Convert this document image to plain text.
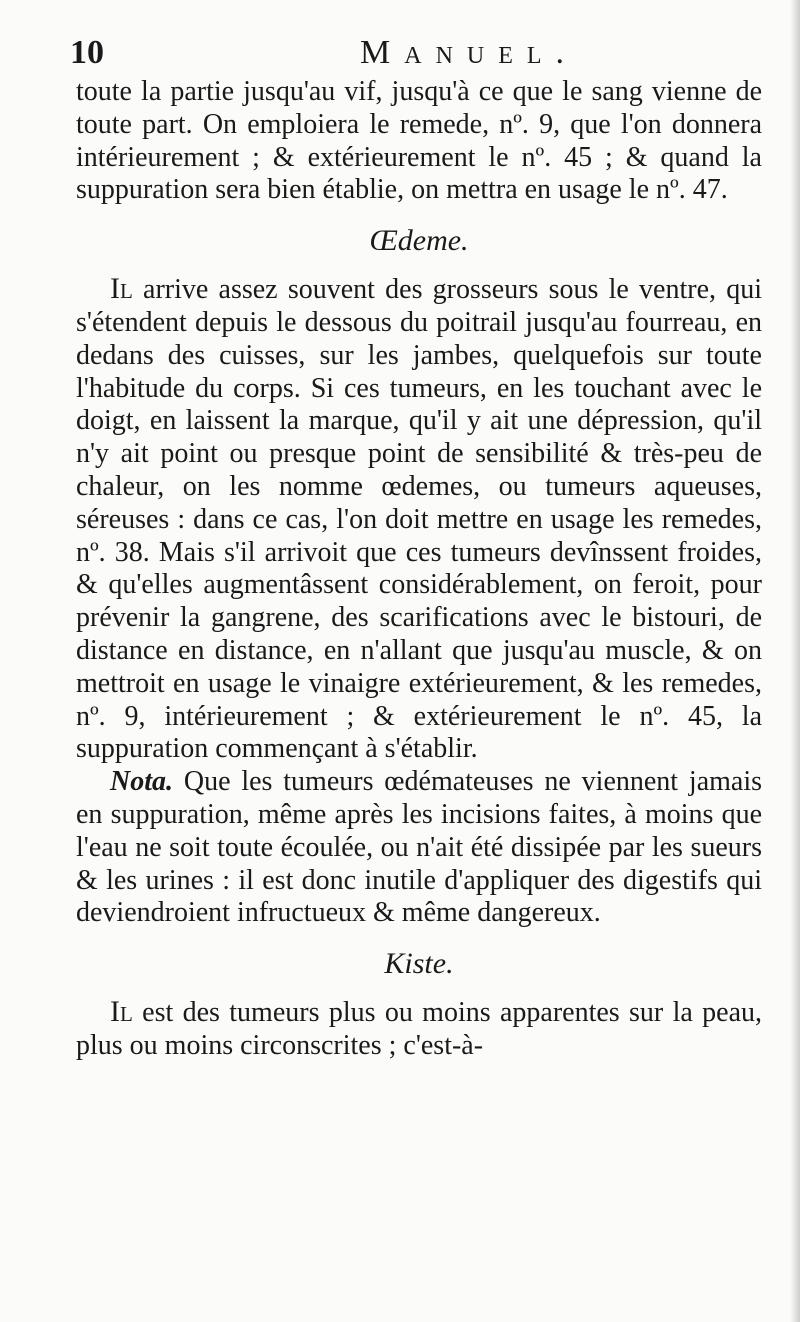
10	Manuel.

toute la partie jusqu'au vif, jusqu'à ce que le sang vienne de toute part. On emploiera le remede, nº. 9, que l'on donnera intérieurement ; & extérieurement le nº. 45 ; & quand la suppuration sera bien établie, on mettra en usage le nº. 47.

Œdeme.

Il arrive assez souvent des grosseurs sous le ventre, qui s'étendent depuis le dessous du poitrail jusqu'au fourreau, en dedans des cuisses, sur les jambes, quelquefois sur toute l'habitude du corps. Si ces tumeurs, en les touchant avec le doigt, en laissent la marque, qu'il y ait une dépression, qu'il n'y ait point ou presque point de sensibilité & très-peu de chaleur, on les nomme œdemes, ou tumeurs aqueuses, séreuses : dans ce cas, l'on doit mettre en usage les remedes, nº. 38. Mais s'il arrivoit que ces tumeurs devînssent froides, & qu'elles augmentâssent considérablement, on feroit, pour prévenir la gangrene, des scarifications avec le bistouri, de distance en distance, en n'allant que jusqu'au muscle, & on mettroit en usage le vinaigre extérieurement, & les remedes, nº. 9, intérieurement ; & extérieurement le nº. 45, la suppuration commençant à s'établir.

Nota. Que les tumeurs œdémateuses ne viennent jamais en suppuration, même après les incisions faites, à moins que l'eau ne soit toute écoulée, ou n'ait été dissipée par les sueurs & les urines : il est donc inutile d'appliquer des digestifs qui deviendroient infructueux & même dangereux.

Kiste.

Il est des tumeurs plus ou moins apparentes sur la peau, plus ou moins circonscrites ; c'est-à-
